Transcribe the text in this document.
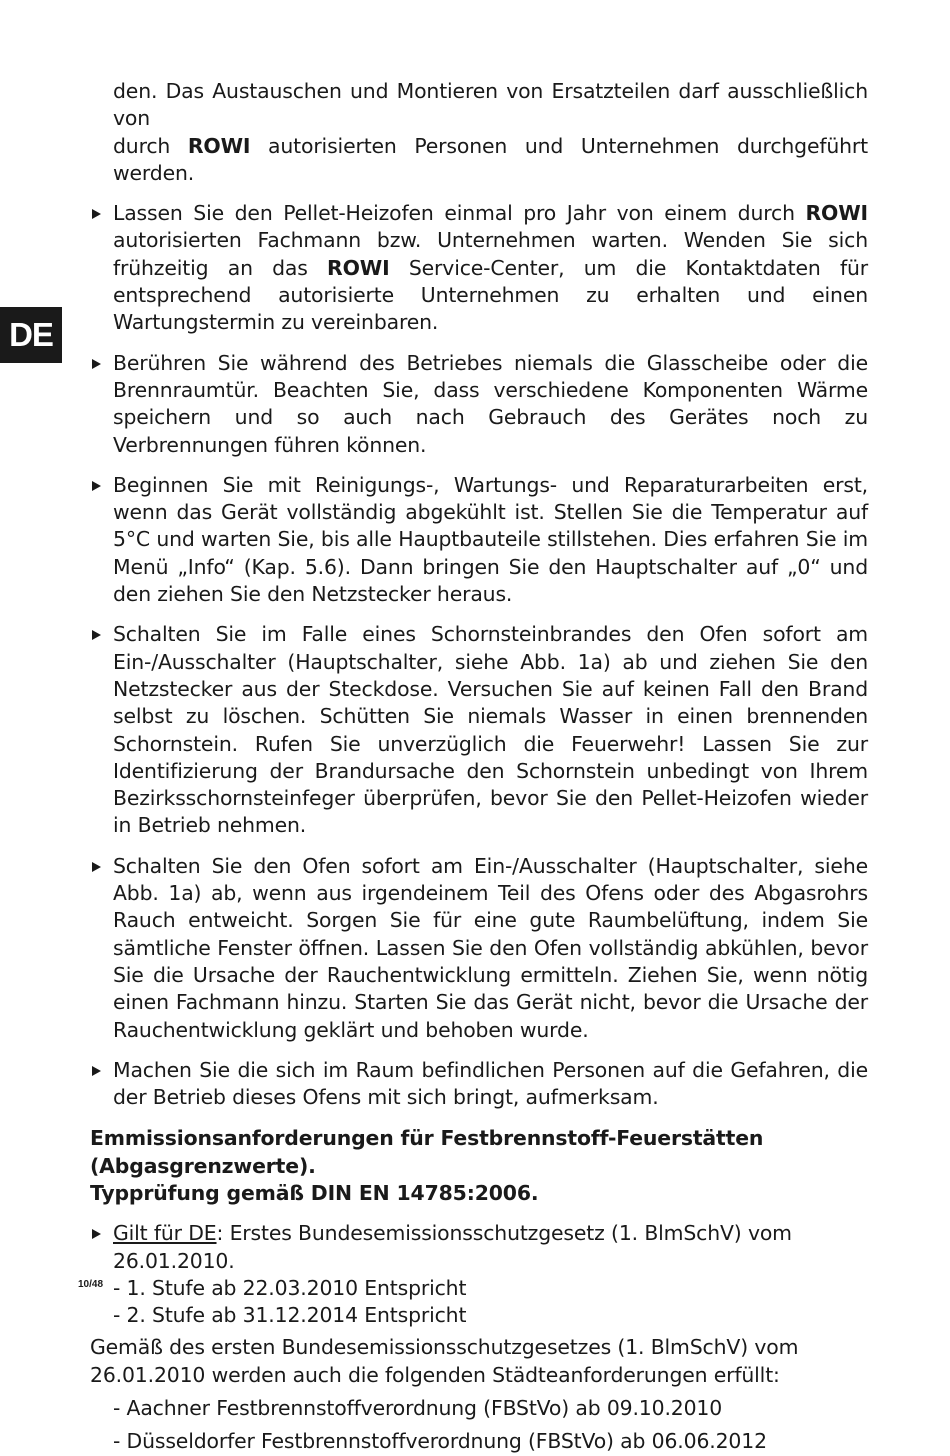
DE
den. Das Austauschen und Montieren von Ersatzteilen darf ausschließlich von
durch ROWI autorisierten Personen und Unternehmen durchgeführt werden.
Lassen Sie den Pellet-Heizofen einmal pro Jahr von einem durch ROWI autorisierten Fachmann bzw. Unternehmen warten. Wenden Sie sich frühzeitig an das ROWI Service-Center, um die Kontaktdaten für entsprechend autorisierte Unternehmen zu erhalten und einen Wartungstermin zu vereinbaren.
Berühren Sie während des Betriebes niemals die Glasscheibe oder die Brennraumtür. Beachten Sie, dass verschiedene Komponenten Wärme speichern und so auch nach Gebrauch des Gerätes noch zu Verbrennungen führen können.
Beginnen Sie mit Reinigungs-, Wartungs- und Reparaturarbeiten erst, wenn das Gerät vollständig abgekühlt ist. Stellen Sie die Temperatur auf 5°C und warten Sie, bis alle Hauptbauteile stillstehen. Dies erfahren Sie im Menü „Info“ (Kap. 5.6). Dann bringen Sie den Hauptschalter auf „0“ und den ziehen Sie den Netzstecker heraus.
Schalten Sie im Falle eines Schornsteinbrandes den Ofen sofort am Ein-/Ausschalter (Hauptschalter, siehe Abb. 1a) ab und ziehen Sie den Netzstecker aus der Steckdose. Versuchen Sie auf keinen Fall den Brand selbst zu löschen. Schütten Sie niemals Wasser in einen brennenden Schornstein. Rufen Sie unverzüglich die Feuerwehr! Lassen Sie zur Identifizierung der Brandursache den Schornstein unbedingt von Ihrem Bezirksschornsteinfeger überprüfen, bevor Sie den Pellet-Heizofen wieder in Betrieb nehmen.
Schalten Sie den Ofen sofort am Ein-/Ausschalter (Hauptschalter, siehe Abb. 1a) ab, wenn aus irgendeinem Teil des Ofens oder des Abgasrohrs Rauch entweicht. Sorgen Sie für eine gute Raumbelüftung, indem Sie sämtliche Fenster öffnen. Lassen Sie den Ofen vollständig abkühlen, bevor Sie die Ursache der Rauchentwicklung ermitteln. Ziehen Sie, wenn nötig einen Fachmann hinzu. Starten Sie das Gerät nicht, bevor die Ursache der Rauchentwicklung geklärt und behoben wurde.
Machen Sie die sich im Raum befindlichen Personen auf die Gefahren, die der Betrieb dieses Ofens mit sich bringt, aufmerksam.
Emmissionsanforderungen für Festbrennstoff-Feuerstätten (Abgasgrenzwerte).
Typprüfung gemäß DIN EN 14785:2006.
Gilt für DE: Erstes Bundesemissionsschutzgesetz (1. BlmSchV) vom 26.01.2010.
- 1. Stufe ab 22.03.2010 Entspricht
- 2. Stufe ab 31.12.2014 Entspricht
Gemäß des ersten Bundesemissionsschutzgesetzes (1. BlmSchV) vom 26.01.2010 werden auch die folgenden Städteanforderungen erfüllt:
- Aachner Festbrennstoffverordnung (FBStVo) ab 09.10.2010
- Düsseldorfer Festbrennstoffverordnung (FBStVo) ab 06.06.2012
10/48
